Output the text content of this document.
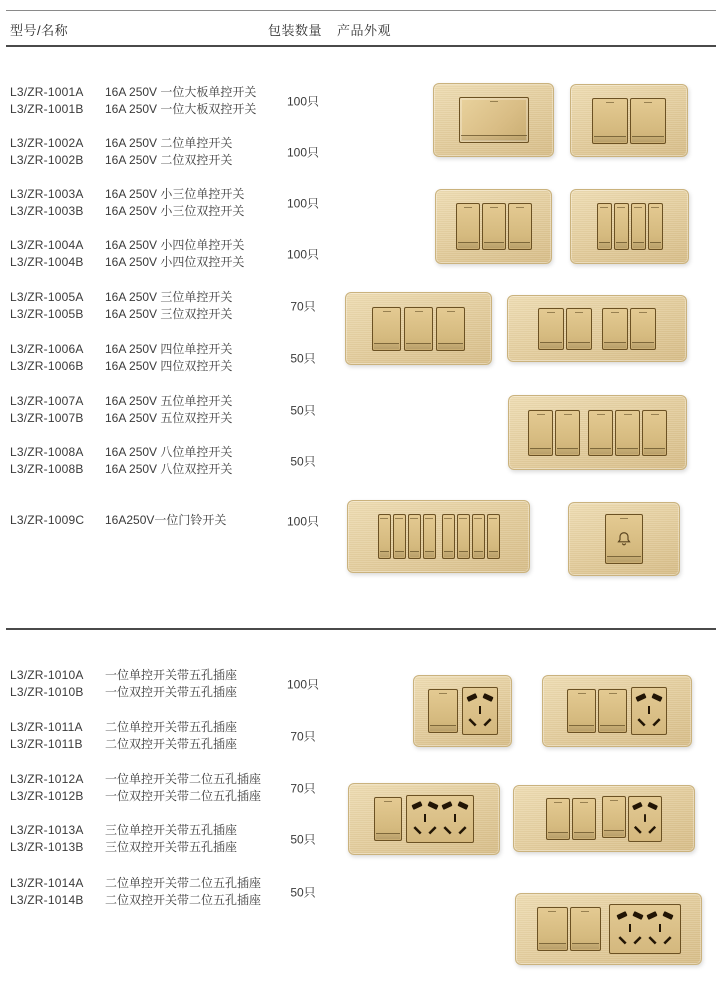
型号/名称	包装数量 产品外观
L3/ZR-1001A	16A 250V 一位大板单控开关
L3/ZR-1001B	16A 250V 一位大板双控开关
100只
L3/ZR-1002A	16A 250V 二位单控开关
L3/ZR-1002B	16A 250V 二位双控开关
100只
L3/ZR-1003A	16A 250V 小三位单控开关
L3/ZR-1003B	16A 250V 小三位双控开关
100只
L3/ZR-1004A	16A 250V 小四位单控开关
L3/ZR-1004B	16A 250V 小四位双控开关
100只
L3/ZR-1005A	16A 250V 三位单控开关
L3/ZR-1005B	16A 250V 三位双控开关
70只
L3/ZR-1006A	16A 250V 四位单控开关
L3/ZR-1006B	16A 250V 四位双控开关
50只
L3/ZR-1007A	16A 250V 五位单控开关
L3/ZR-1007B	16A 250V 五位双控开关
50只
L3/ZR-1008A	16A 250V 八位单控开关
L3/ZR-1008B	16A 250V 八位双控开关
50只
L3/ZR-1009C	16A250V一位门铃开关	100只
L3/ZR-1010A	一位单控开关带五孔插座
L3/ZR-1010B	一位双控开关带五孔插座
100只
L3/ZR-1011A	二位单控开关带五孔插座
L3/ZR-1011B	二位双控开关带五孔插座
70只
L3/ZR-1012A	一位单控开关带二位五孔插座
L3/ZR-1012B	一位双控开关带二位五孔插座
70只
L3/ZR-1013A	三位单控开关带五孔插座
L3/ZR-1013B	三位双控开关带五孔插座
50只
L3/ZR-1014A	二位单控开关带二位五孔插座
L3/ZR-1014B	二位双控开关带二位五孔插座
50只
